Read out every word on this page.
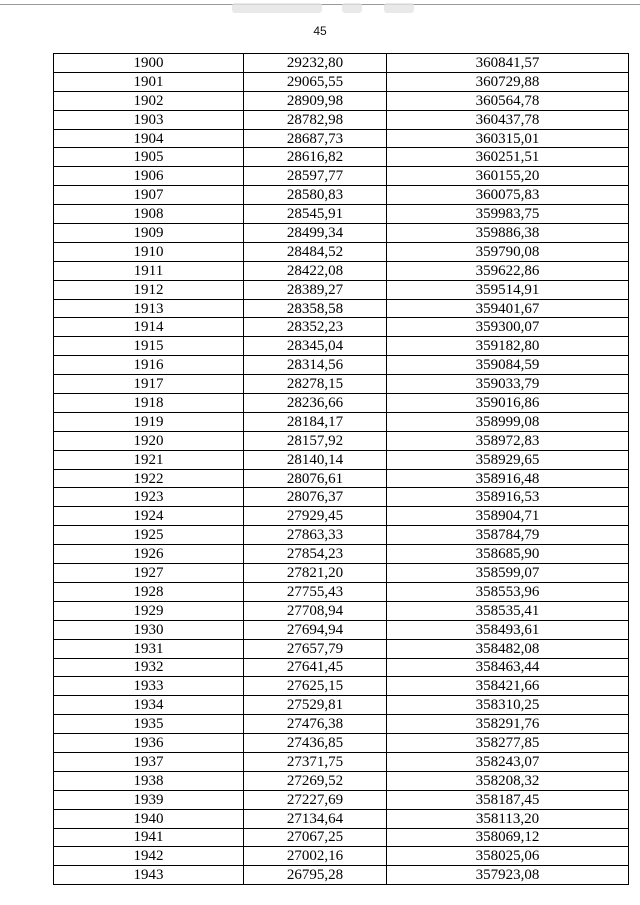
45
1900	29232,80	360841,57
1901	29065,55	360729,88
1902	28909,98	360564,78
1903	28782,98	360437,78
1904	28687,73	360315,01
1905	28616,82	360251,51
1906	28597,77	360155,20
1907	28580,83	360075,83
1908	28545,91	359983,75
1909	28499,34	359886,38
1910	28484,52	359790,08
1911	28422,08	359622,86
1912	28389,27	359514,91
1913	28358,58	359401,67
1914	28352,23	359300,07
1915	28345,04	359182,80
1916	28314,56	359084,59
1917	28278,15	359033,79
1918	28236,66	359016,86
1919	28184,17	358999,08
1920	28157,92	358972,83
1921	28140,14	358929,65
1922	28076,61	358916,48
1923	28076,37	358916,53
1924	27929,45	358904,71
1925	27863,33	358784,79
1926	27854,23	358685,90
1927	27821,20	358599,07
1928	27755,43	358553,96
1929	27708,94	358535,41
1930	27694,94	358493,61
1931	27657,79	358482,08
1932	27641,45	358463,44
1933	27625,15	358421,66
1934	27529,81	358310,25
1935	27476,38	358291,76
1936	27436,85	358277,85
1937	27371,75	358243,07
1938	27269,52	358208,32
1939	27227,69	358187,45
1940	27134,64	358113,20
1941	27067,25	358069,12
1942	27002,16	358025,06
1943	26795,28	357923,08
